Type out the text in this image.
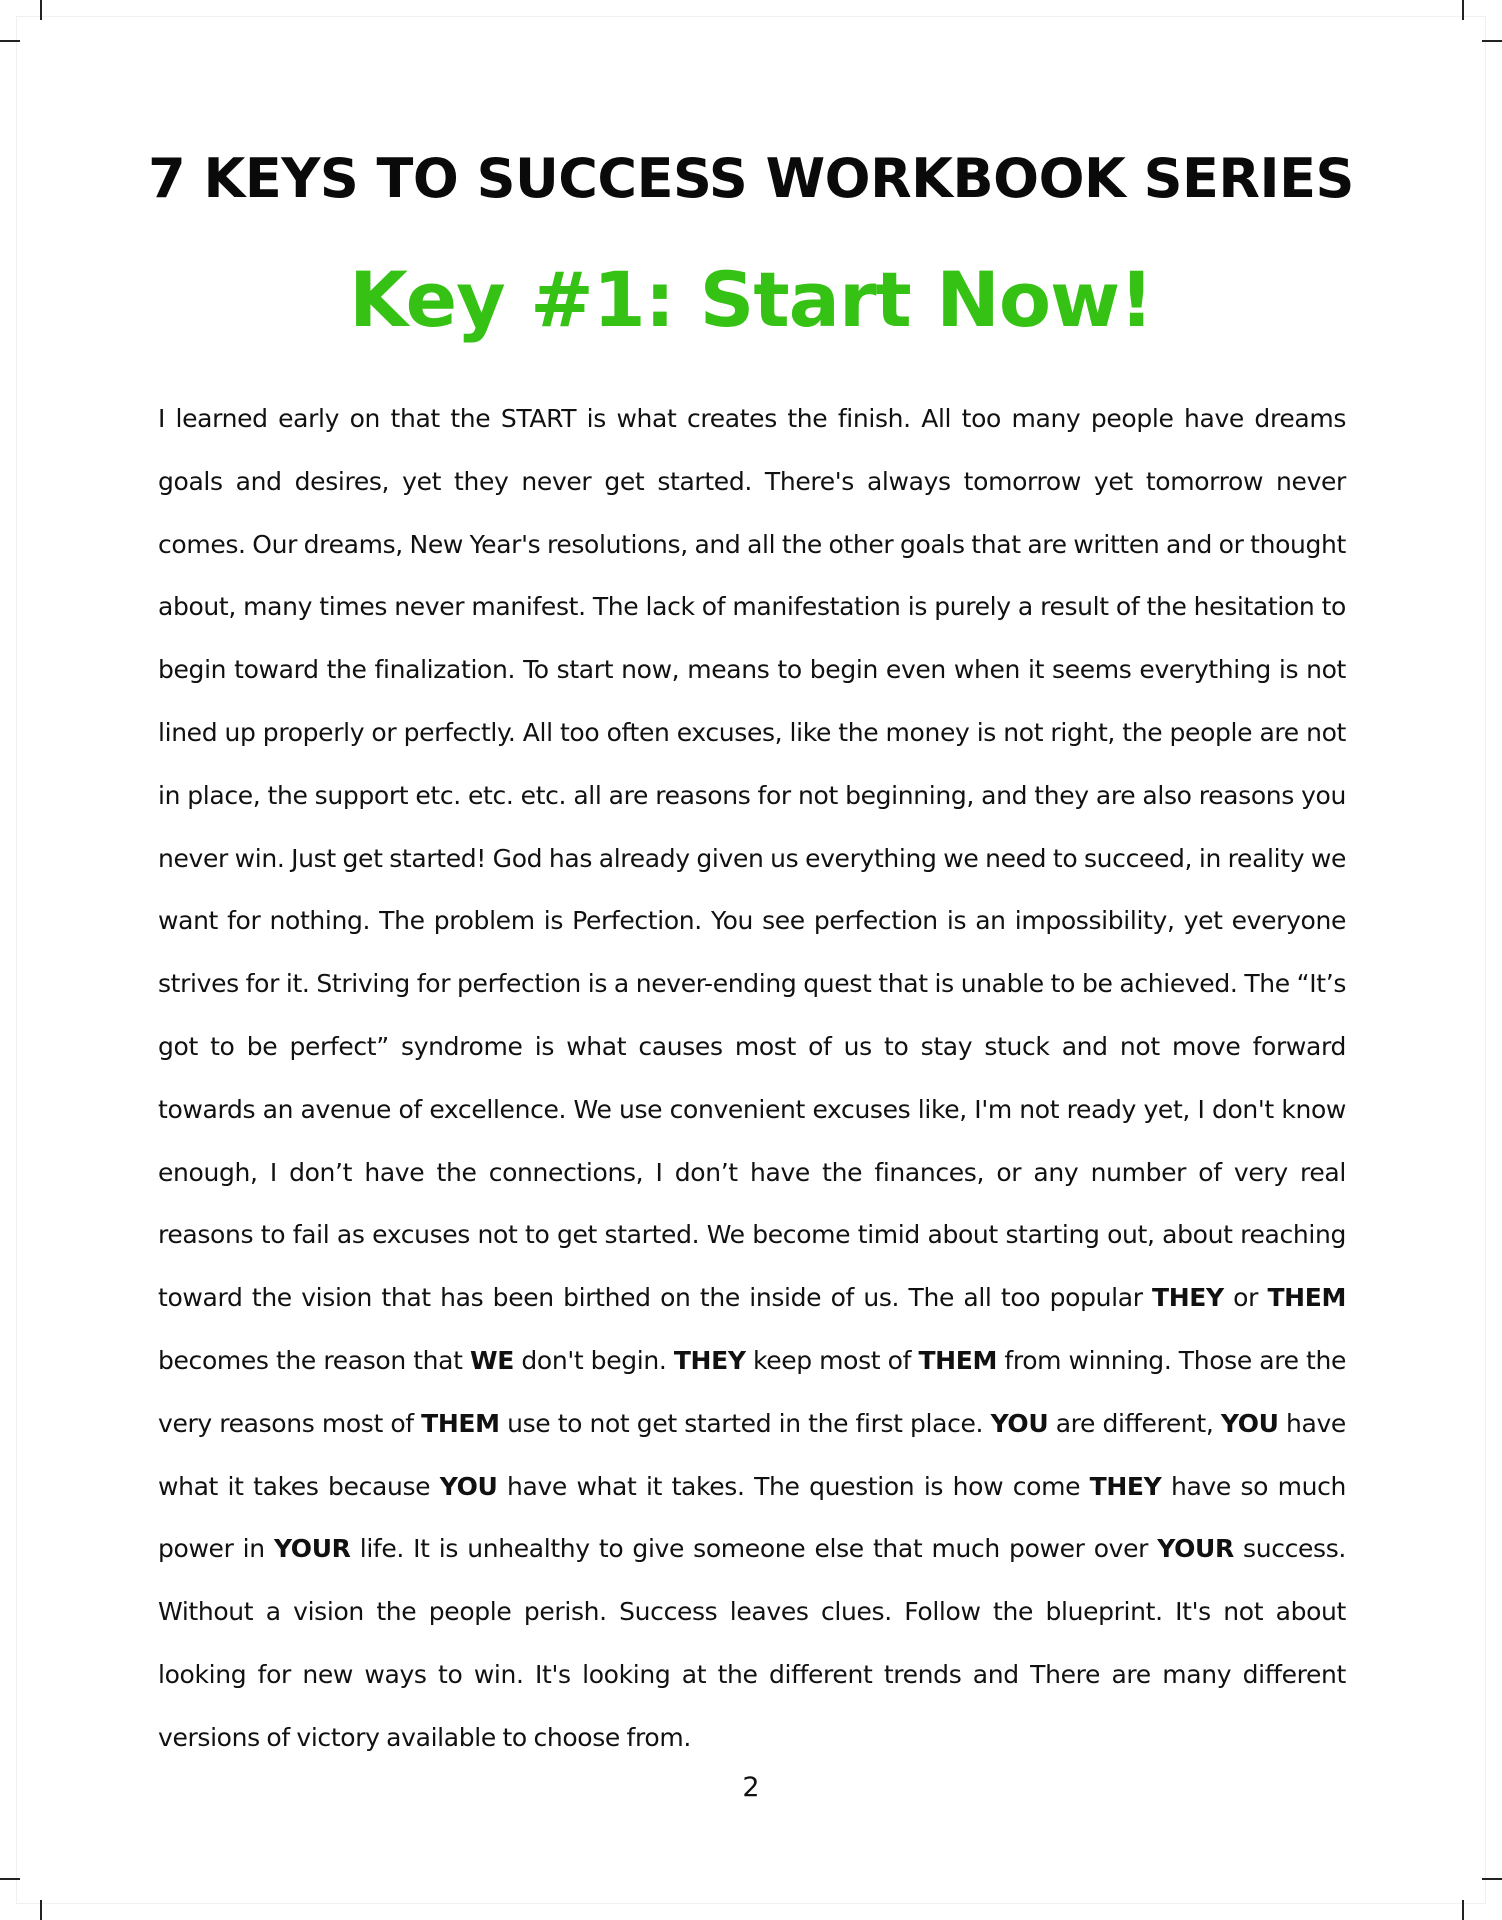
7 KEYS TO SUCCESS WORKBOOK SERIES
Key #1: Start Now!

I learned early on that the START is what creates the finish. All too many people have dreams goals and desires, yet they never get started. There's always tomorrow yet tomorrow never comes. Our dreams, New Year's resolutions, and all the other goals that are written and or thought about, many times never manifest. The lack of manifestation is purely a result of the hesitation to begin toward the finalization. To start now, means to begin even when it seems everything is not lined up properly or perfectly. All too often excuses, like the money is not right, the people are not in place, the support etc. etc. etc. all are reasons for not beginning, and they are also reasons you never win. Just get started! God has already given us everything we need to succeed, in reality we want for nothing. The problem is Perfection. You see perfection is an impossibility, yet everyone strives for it. Striving for perfection is a never-ending quest that is unable to be achieved. The “It’s got to be perfect” syndrome is what causes most of us to stay stuck and not move forward towards an avenue of excellence. We use convenient excuses like, I'm not ready yet, I don't know enough, I don’t have the connections, I don’t have the finances, or any number of very real reasons to fail as excuses not to get started. We become timid about starting out, about reaching toward the vision that has been birthed on the inside of us. The all too popular THEY or THEM becomes the reason that WE don't begin. THEY keep most of THEM from winning. Those are the very reasons most of THEM use to not get started in the first place. YOU are different, YOU have what it takes because YOU have what it takes. The question is how come THEY have so much power in YOUR life. It is unhealthy to give someone else that much power over YOUR success. Without a vision the people perish. Success leaves clues. Follow the blueprint. It's not about looking for new ways to win. It's looking at the different trends and There are many different versions of victory available to choose from.

2
